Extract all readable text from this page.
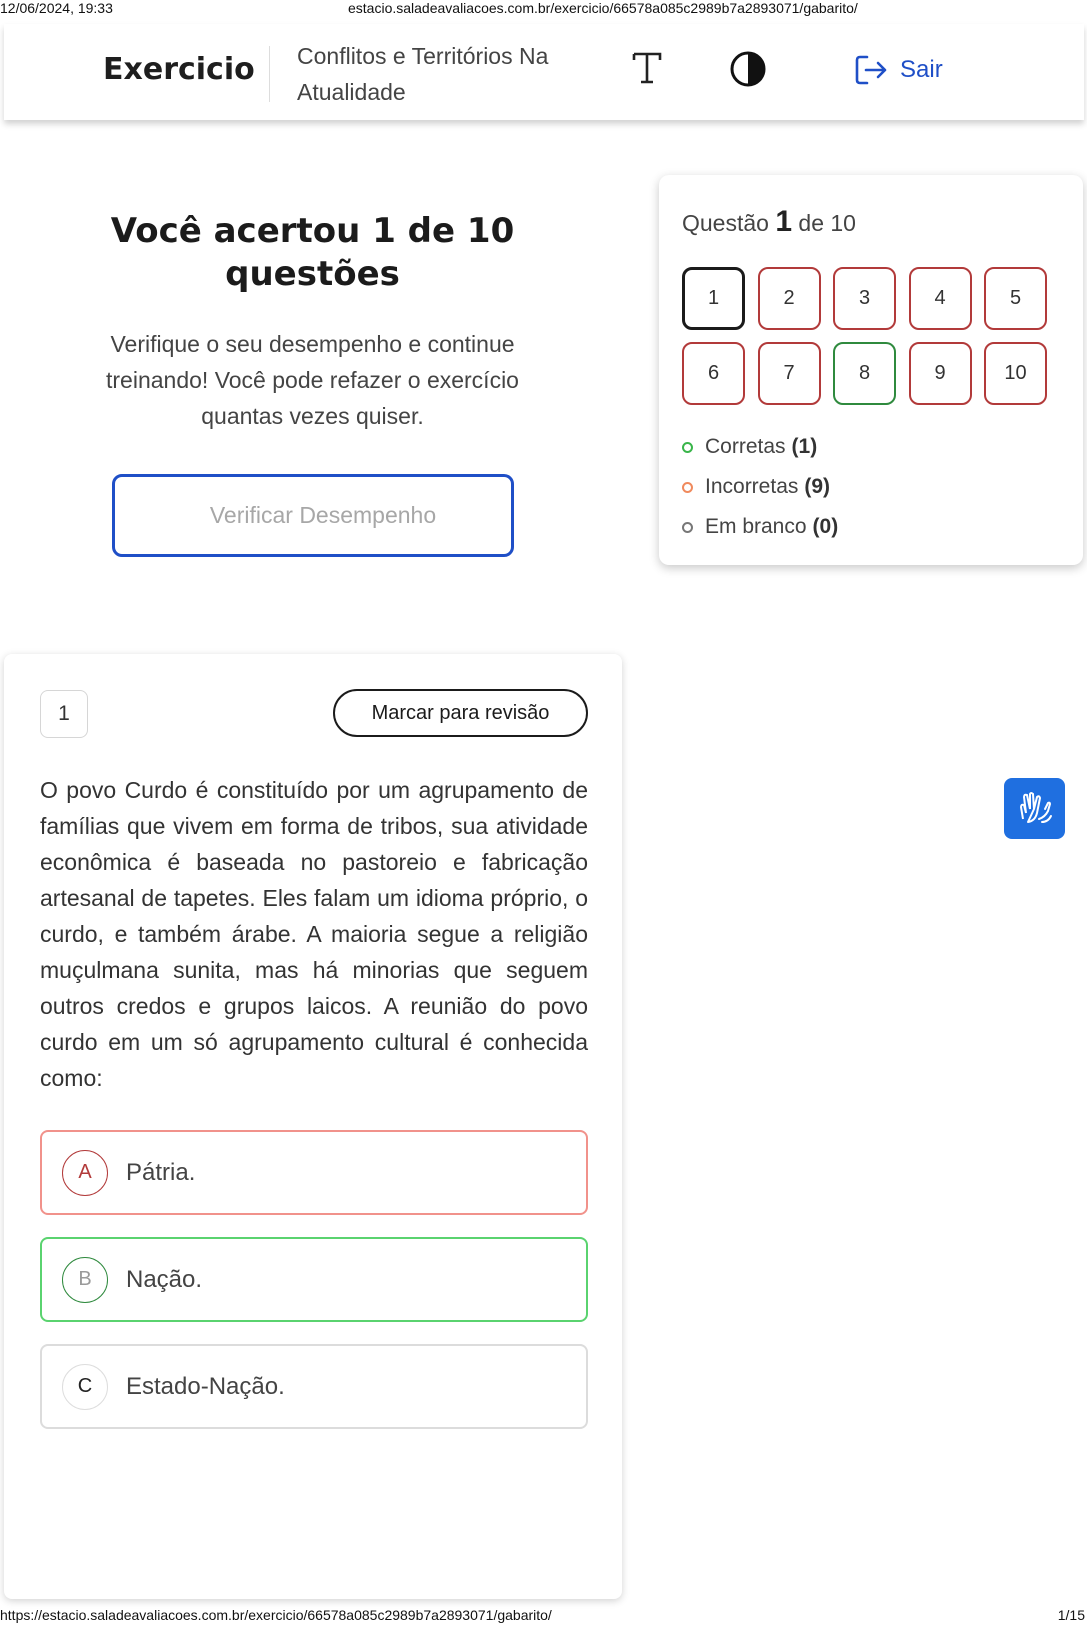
12/06/2024, 19:33	estacio.saladeavaliacoes.com.br/exercicio/66578a085c2989b7a2893071/gabarito/
Exercicio Conflitos e Territórios Na Atualidade
Sair
Você acertou 1 de 10 questões

Verifique o seu desempenho e continue treinando! Você pode refazer o exercício quantas vezes quiser.

Verificar Desempenho
Questão 1 de 10
1	2	3	4	5
6	7	8	9	10
Corretas (1)
Incorretas (9)
Em branco (0)
1	Marcar para revisão
O povo Curdo é constituído por um agrupamento de famílias que vivem em forma de tribos, sua atividade econômica é baseada no pastoreio e fabricação artesanal de tapetes. Eles falam um idioma próprio, o curdo, e também árabe. A maioria segue a religião muçulmana sunita, mas há minorias que seguem outros credos e grupos laicos. A reunião do povo curdo em um só agrupamento cultural é conhecida como:
A	Pátria.
B	Nação.
C	Estado-Nação.
https://estacio.saladeavaliacoes.com.br/exercicio/66578a085c2989b7a2893071/gabarito/	1/15
